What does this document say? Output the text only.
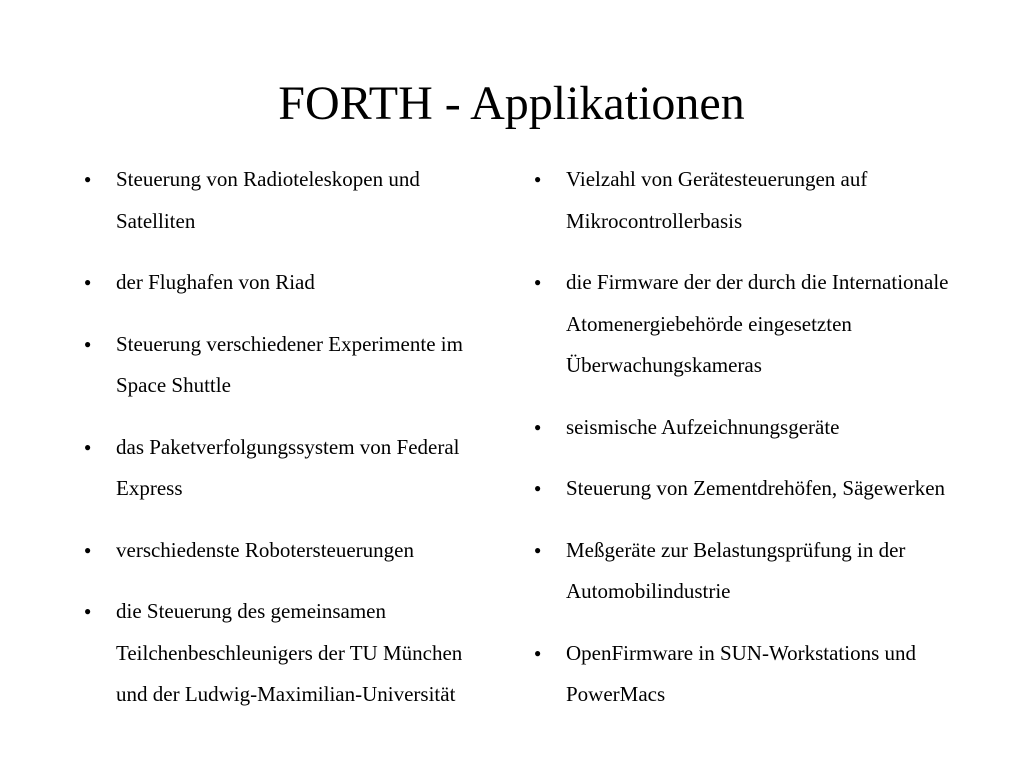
FORTH - Applikationen
● Steuerung von Radioteleskopen und Satelliten
● der Flughafen von Riad
● Steuerung verschiedener Experimente im Space Shuttle
● das Paketverfolgungssystem von Federal Express
● verschiedenste Robotersteuerungen
● die Steuerung des gemeinsamen Teilchenbeschleunigers der TU München und der Ludwig-Maximilian-Universität
● Vielzahl von Gerätesteuerungen auf Mikrocontrollerbasis
● die Firmware der der durch die Internationale Atomenergiebehörde eingesetzten Überwachungskameras
● seismische Aufzeichnungsgeräte
● Steuerung von Zementdrehöfen, Sägewerken
● Meßgeräte zur Belastungsprüfung in der Automobilindustrie
● OpenFirmware in SUN-Workstations und PowerMacs
